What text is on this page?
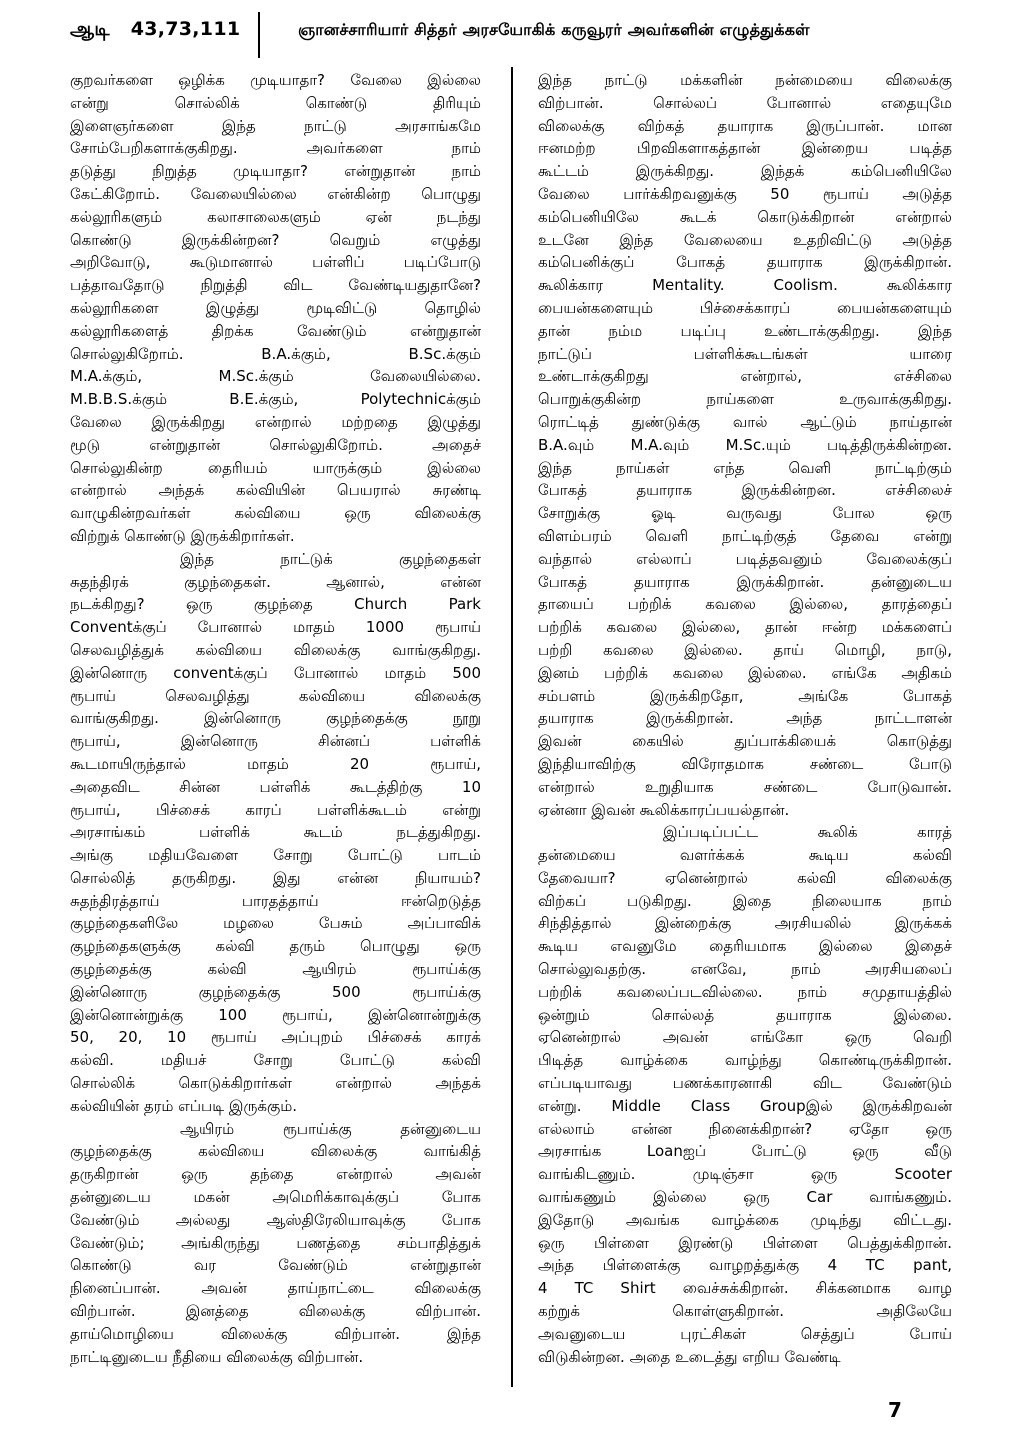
ஆடி 43,73,111	ஞானச்சாரியார் சித்தர் அரசயோகிக் கருவூரர் அவர்களின் எழுத்துக்கள்
குறவர்களை ஒழிக்க முடியாதா? வேலை இல்லை
என்று சொல்லிக் கொண்டு திரியும்
இளைஞர்களை இந்த நாட்டு அரசாங்கமே
சோம்பேறிகளாக்குகிறது. அவர்களை நாம்
தடுத்து நிறுத்த முடியாதா? என்றுதான் நாம்
கேட்கிறோம். வேலையில்லை என்கின்ற பொழுது
கல்லூரிகளும் கலாசாலைகளும் ஏன் நடந்து
கொண்டு இருக்கின்றன? வெறும் எழுத்து
அறிவோடு, கூடுமானால் பள்ளிப் படிப்போடு
பத்தாவதோடு நிறுத்தி விட வேண்டியதுதானே?
கல்லூரிகளை இழுத்து மூடிவிட்டு தொழில்
கல்லூரிகளைத் திறக்க வேண்டும் என்றுதான்
சொல்லுகிறோம். B.A.க்கும், B.Sc.க்கும்
M.A.க்கும், M.Sc.க்கும் வேலையில்லை.
M.B.B.S.க்கும் B.E.க்கும், Polytechnicக்கும்
வேலை இருக்கிறது என்றால் மற்றதை இழுத்து
மூடு என்றுதான் சொல்லுகிறோம். அதைச்
சொல்லுகின்ற தைரியம் யாருக்கும் இல்லை
என்றால் அந்தக் கல்வியின் பெயரால் சுரண்டி
வாழுகின்றவர்கள் கல்வியை ஒரு விலைக்கு
விற்றுக் கொண்டு இருக்கிறார்கள்.
இந்த நாட்டுக் குழந்தைகள்
சுதந்திரக் குழந்தைகள். ஆனால், என்ன
நடக்கிறது? ஒரு குழந்தை Church Park
Conventக்குப் போனால் மாதம் 1000 ரூபாய்
செலவழித்துக் கல்வியை விலைக்கு வாங்குகிறது.
இன்னொரு conventக்குப் போனால் மாதம் 500
ரூபாய் செலவழித்து கல்வியை விலைக்கு
வாங்குகிறது. இன்னொரு குழந்தைக்கு நூறு
ரூபாய், இன்னொரு சின்னப் பள்ளிக்
கூடமாயிருந்தால் மாதம் 20 ரூபாய்,
அதைவிட சின்ன பள்ளிக் கூடத்திற்கு 10
ரூபாய், பிச்சைக் காரப் பள்ளிக்கூடம் என்று
அரசாங்கம் பள்ளிக் கூடம் நடத்துகிறது.
அங்கு மதியவேளை சோறு போட்டு பாடம்
சொல்லித் தருகிறது. இது என்ன நியாயம்?
சுதந்திரத்தாய் பாரதத்தாய் ஈன்றெடுத்த
குழந்தைகளிலே மழலை பேசும் அப்பாவிக்
குழந்தைகளுக்கு கல்வி தரும் பொழுது ஒரு
குழந்தைக்கு கல்வி ஆயிரம் ரூபாய்க்கு
இன்னொரு குழந்தைக்கு 500 ரூபாய்க்கு
இன்னொன்றுக்கு 100 ரூபாய், இன்னொன்றுக்கு
50, 20, 10 ரூபாய் அப்புறம் பிச்சைக் காரக்
கல்வி. மதியச் சோறு போட்டு கல்வி
சொல்லிக் கொடுக்கிறார்கள் என்றால் அந்தக்
கல்வியின் தரம் எப்படி இருக்கும்.
ஆயிரம் ரூபாய்க்கு தன்னுடைய
குழந்தைக்கு கல்வியை விலைக்கு வாங்கித்
தருகிறான் ஒரு தந்தை என்றால் அவன்
தன்னுடைய மகன் அமெரிக்காவுக்குப் போக
வேண்டும் அல்லது ஆஸ்திரேலியாவுக்கு போக
வேண்டும்; அங்கிருந்து பணத்தை சம்பாதித்துக்
கொண்டு வர வேண்டும் என்றுதான்
நினைப்பான். அவன் தாய்நாட்டை விலைக்கு
விற்பான். இனத்தை விலைக்கு விற்பான்.
தாய்மொழியை விலைக்கு விற்பான். இந்த
நாட்டினுடைய நீதியை விலைக்கு விற்பான்.
இந்த நாட்டு மக்களின் நன்மையை விலைக்கு
விற்பான். சொல்லப் போனால் எதையுமே
விலைக்கு விற்கத் தயாராக இருப்பான். மான
ஈனமற்ற பிறவிகளாகத்தான் இன்றைய படித்த
கூட்டம் இருக்கிறது. இந்தக் கம்பெனியிலே
வேலை பார்க்கிறவனுக்கு 50 ரூபாய் அடுத்த
கம்பெனியிலே கூடக் கொடுக்கிறான் என்றால்
உடனே இந்த வேலையை உதறிவிட்டு அடுத்த
கம்பெனிக்குப் போகத் தயாராக இருக்கிறான்.
கூலிக்கார Mentality. Coolism. கூலிக்கார
பையன்களையும் பிச்சைக்காரப் பையன்களையும்
தான் நம்ம படிப்பு உண்டாக்குகிறது. இந்த
நாட்டுப் பள்ளிக்கூடங்கள் யாரை
உண்டாக்குகிறது என்றால், எச்சிலை
பொறுக்குகின்ற நாய்களை உருவாக்குகிறது.
ரொட்டித் துண்டுக்கு வால் ஆட்டும் நாய்தான்
B.A.வும் M.A.வும் M.Sc.யும் படித்திருக்கின்றன.
இந்த நாய்கள் எந்த வெளி நாட்டிற்கும்
போகத் தயாராக இருக்கின்றன. எச்சிலைச்
சோறுக்கு ஓடி வருவது போல ஒரு
விளம்பரம் வெளி நாட்டிற்குத் தேவை என்று
வந்தால் எல்லாப் படித்தவனும் வேலைக்குப்
போகத் தயாராக இருக்கிறான். தன்னுடைய
தாயைப் பற்றிக் கவலை இல்லை, தாரத்தைப்
பற்றிக் கவலை இல்லை, தான் ஈன்ற மக்களைப்
பற்றி கவலை இல்லை. தாய் மொழி, நாடு,
இனம் பற்றிக் கவலை இல்லை. எங்கே அதிகம்
சம்பளம் இருக்கிறதோ, அங்கே போகத்
தயாராக இருக்கிறான். அந்த நாட்டாளன்
இவன் கையில் துப்பாக்கியைக் கொடுத்து
இந்தியாவிற்கு விரோதமாக சண்டை போடு
என்றால் உறுதியாக சண்டை போடுவான்.
ஏன்னா இவன் கூலிக்காரப்பயல்தான்.
இப்படிப்பட்ட கூலிக் காரத்
தன்மையை வளர்க்கக் கூடிய கல்வி
தேவையா? ஏனென்றால் கல்வி விலைக்கு
விற்கப் படுகிறது. இதை நிலையாக நாம்
சிந்தித்தால் இன்றைக்கு அரசியலில் இருக்கக்
கூடிய எவனுமே தைரியமாக இல்லை இதைச்
சொல்லுவதற்கு. எனவே, நாம் அரசியலைப்
பற்றிக் கவலைப்படவில்லை. நாம் சமுதாயத்தில்
ஒன்றும் சொல்லத் தயாராக இல்லை.
ஏனென்றால் அவன் எங்கோ ஒரு வெறி
பிடித்த வாழ்க்கை வாழ்ந்து கொண்டிருக்கிறான்.
எப்படியாவது பணக்காரனாகி விட வேண்டும்
என்று. Middle Class Groupஇல் இருக்கிறவன்
எல்லாம் என்ன நினைக்கிறான்? ஏதோ ஒரு
அரசாங்க Loanஐப் போட்டு ஒரு வீடு
வாங்கிடணும். முடிஞ்சா ஒரு Scooter
வாங்கணும் இல்லை ஒரு Car வாங்கணும்.
இதோடு அவங்க வாழ்க்கை முடிந்து விட்டது.
ஒரு பிள்ளை இரண்டு பிள்ளை பெத்துக்கிறான்.
அந்த பிள்ளைக்கு வாழறத்துக்கு 4 TC pant,
4 TC Shirt வைச்சுக்கிறான். சிக்கனமாக வாழ
கற்றுக் கொள்ளுகிறான். அதிலேயே
அவனுடைய புரட்சிகள் செத்துப் போய்
விடுகின்றன. அதை உடைத்து எறிய வேண்டி
7
